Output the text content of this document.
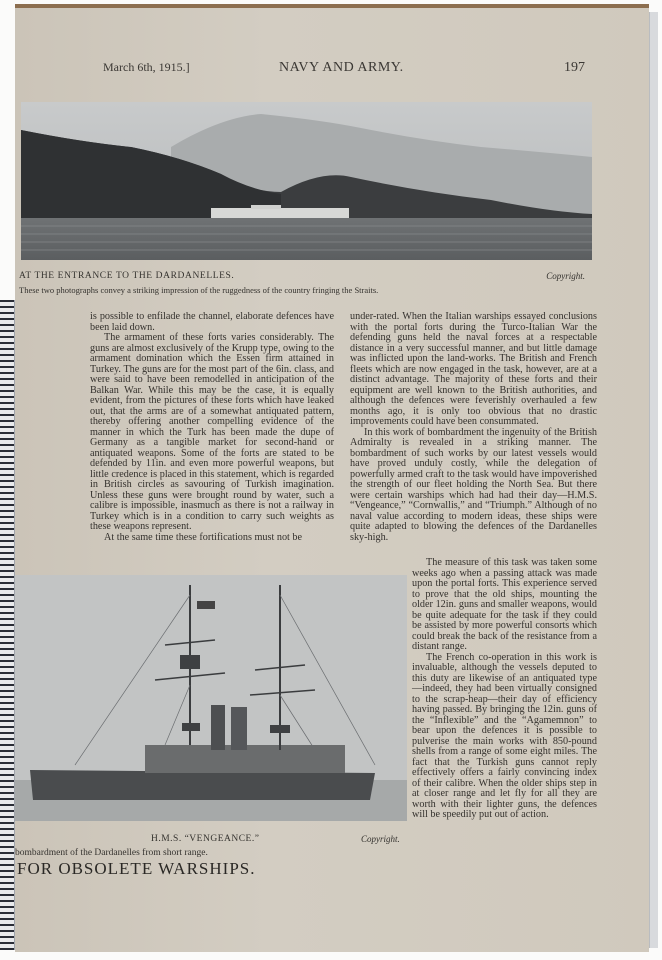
March 6th, 1915.]	NAVY AND ARMY.	197
AT THE ENTRANCE TO THE DARDANELLES.	Copyright.
These two photographs convey a striking impression of the ruggedness of the country fringing the Straits.

is possible to enfilade the channel, elaborate defences have been laid down.

The armament of these forts varies considerably. The guns are almost exclusively of the Krupp type, owing to the armament domination which the Essen firm attained in Turkey. The guns are for the most part of the 6in. class, and were said to have been remodelled in anticipation of the Balkan War. While this may be the case, it is equally evident, from the pictures of these forts which have leaked out, that the arms are of a somewhat antiquated pattern, thereby offering another compelling evidence of the manner in which the Turk has been made the dupe of Germany as a tangible market for second-hand or antiquated weapons. Some of the forts are stated to be defended by 11in. and even more powerful weapons, but little credence is placed in this statement, which is regarded in British circles as savouring of Turkish imagination. Unless these guns were brought round by water, such a calibre is impossible, inasmuch as there is not a railway in Turkey which is in a condition to carry such weights as these weapons represent.

At the same time these fortifications must not be

under-rated. When the Italian warships essayed conclusions with the portal forts during the Turco-Italian War the defending guns held the naval forces at a respectable distance in a very successful manner, and but little damage was inflicted upon the land-works. The British and French fleets which are now engaged in the task, however, are at a distinct advantage. The majority of these forts and their equipment are well known to the British authorities, and although the defences were feverishly overhauled a few months ago, it is only too obvious that no drastic improvements could have been consummated.

In this work of bombardment the ingenuity of the British Admiralty is revealed in a striking manner. The bombardment of such works by our latest vessels would have proved unduly costly, while the delegation of powerfully armed craft to the task would have impoverished the strength of our fleet holding the North Sea. But there were certain warships which had had their day—H.M.S. “Vengeance,” “Cornwallis,” and “Triumph.” Although of no naval value according to modern ideas, these ships were quite adapted to blowing the defences of the Dardanelles sky-high.

The measure of this task was taken some weeks ago when a passing attack was made upon the portal forts. This experience served to prove that the old ships, mounting the older 12in. guns and smaller weapons, would be quite adequate for the task if they could be assisted by more powerful consorts which could break the back of the resistance from a distant range.

The French co-operation in this work is invaluable, although the vessels deputed to this duty are likewise of an antiquated type—indeed, they had been virtually consigned to the scrap-heap—their day of efficiency having passed. By bringing the 12in. guns of the “Inflexible” and the “Agamemnon” to bear upon the defences it is possible to pulverise the main works with 850-pound shells from a range of some eight miles. The fact that the Turkish guns cannot reply effectively offers a fairly convincing index of their calibre. When the older ships step in at closer range and let fly for all they are worth with their lighter guns, the defences will be speedily put out of action.

H.M.S. “VENGEANCE.”	Copyright.
bombardment of the Dardanelles from short range.
FOR OBSOLETE WARSHIPS.
